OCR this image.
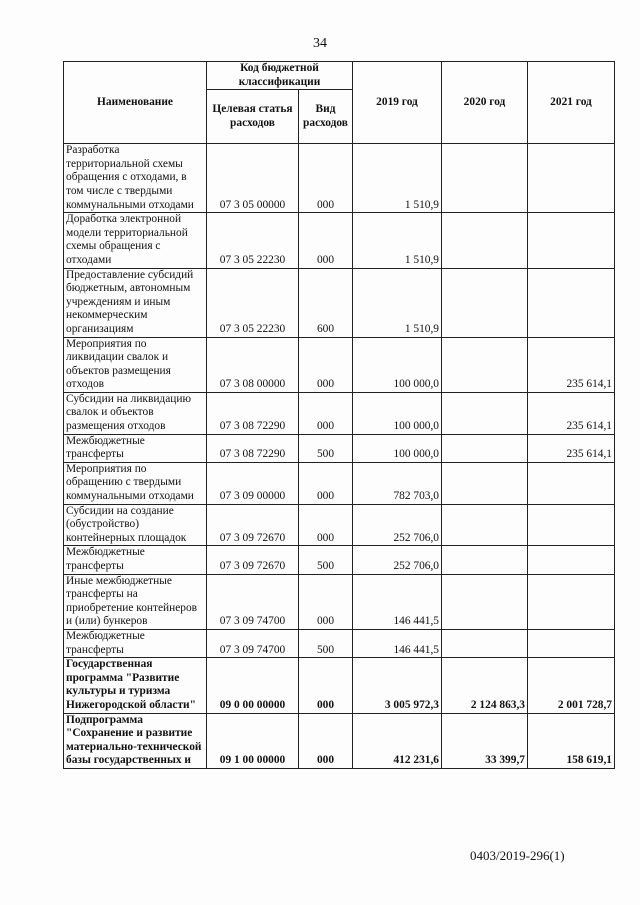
34
Наименование	Код бюджетной классификации		2019 год	2020 год	2021 год
	Целевая статья расходов	Вид расходов			
Разработка территориальной схемы обращения с отходами, в том числе с твердыми коммунальными отходами	07 3 05 00000	000	1 510,9		
Доработка электронной модели территориальной схемы обращения с отходами	07 3 05 22230	000	1 510,9		
Предоставление субсидий бюджетным, автономным учреждениям и иным некоммерческим организациям	07 3 05 22230	600	1 510,9		
Мероприятия по ликвидации свалок и объектов размещения отходов	07 3 08 00000	000	100 000,0		235 614,1
Субсидии на ликвидацию свалок и объектов размещения отходов	07 3 08 72290	000	100 000,0		235 614,1
Межбюджетные трансферты	07 3 08 72290	500	100 000,0		235 614,1
Мероприятия по обращению с твердыми коммунальными отходами	07 3 09 00000	000	782 703,0		
Субсидии на создание (обустройство) контейнерных площадок	07 3 09 72670	000	252 706,0		
Межбюджетные трансферты	07 3 09 72670	500	252 706,0		
Иные межбюджетные трансферты на приобретение контейнеров и (или) бункеров	07 3 09 74700	000	146 441,5		
Межбюджетные трансферты	07 3 09 74700	500	146 441,5		
Государственная программа "Развитие культуры и туризма Нижегородской области"	09 0 00 00000	000	3 005 972,3	2 124 863,3	2 001 728,7
Подпрограмма "Сохранение и развитие материально-технической базы государственных и	09 1 00 00000	000	412 231,6	33 399,7	158 619,1
0403/2019-296(1)
